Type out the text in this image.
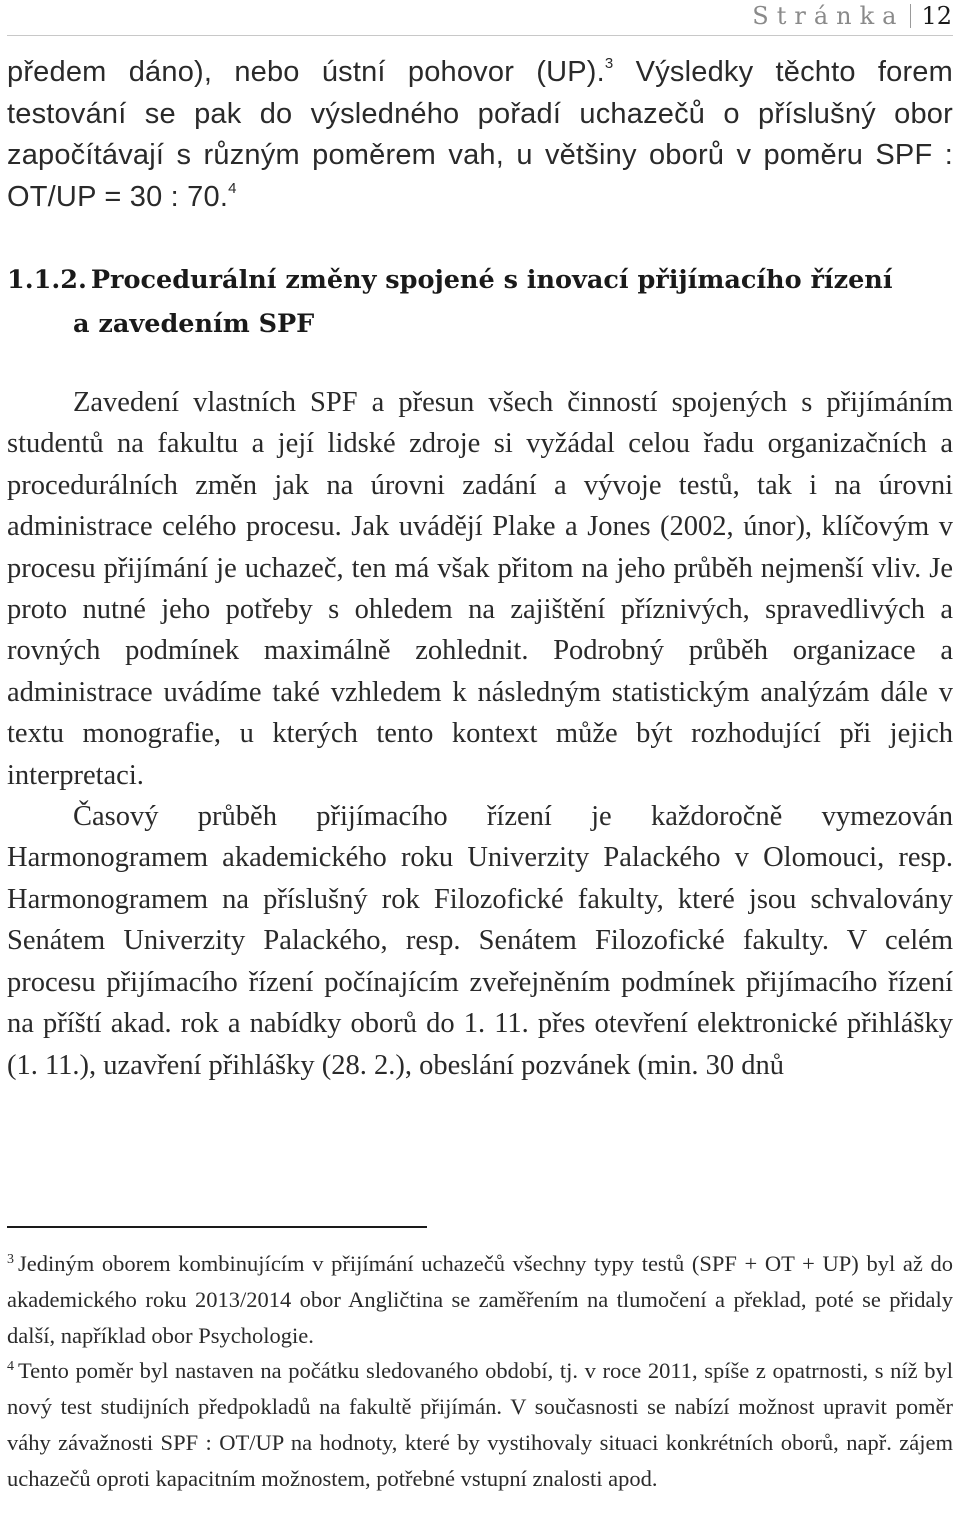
Stránka 12
předem dáno), nebo ústní pohovor (UP).$^3$ Výsledky těchto forem testování se pak do výsledného pořadí uchazečů o příslušný obor započítávají s různým poměrem vah, u většiny oborů v poměru SPF : OT/UP = 30 : 70.$^4$
1.1.2. Procedurální změny spojené s inovací přijímacího řízení
a zavedením SPF

Zavedení vlastních SPF a přesun všech činností spojených s přijímáním studentů na fakultu a její lidské zdroje si vyžádal celou řadu organizačních a procedurálních změn jak na úrovni zadání a vývoje testů, tak i na úrovni administrace celého procesu. Jak uvádějí Plake a Jones (2002, únor), klíčovým v procesu přijímání je uchazeč, ten má však přitom na jeho průběh nejmenší vliv. Je proto nutné jeho potřeby s ohledem na zajištění příznivých, spravedlivých a rovných podmínek maximálně zohlednit. Podrobný průběh organizace a administrace uvádíme také vzhledem k následným statistickým analýzám dále v textu monografie, u kterých tento kontext může být rozhodující při jejich interpretaci.

Časový průběh přijímacího řízení je každoročně vymezován Harmonogramem akademického roku Univerzity Palackého v Olomouci, resp. Harmonogramem na příslušný rok Filozofické fakulty, které jsou schvalovány Senátem Univerzity Palackého, resp. Senátem Filozofické fakulty. V celém procesu přijímacího řízení počínajícím zveřejněním podmínek přijímacího řízení na příští akad. rok a nabídky oborů do 1. 11. přes otevření elektronické přihlášky (1. 11.), uzavření přihlášky (28. 2.), obeslání pozvánek (min. 30 dnů

$^3$ Jediným oborem kombinujícím v přijímání uchazečů všechny typy testů (SPF + OT + UP) byl až do akademického roku 2013/2014 obor Angličtina se zaměřením na tlumočení a překlad, poté se přidaly další, například obor Psychologie.

$^4$ Tento poměr byl nastaven na počátku sledovaného období, tj. v roce 2011, spíše z opatrnosti, s níž byl nový test studijních předpokladů na fakultě přijímán. V současnosti se nabízí možnost upravit poměr váhy závažnosti SPF : OT/UP na hodnoty, které by vystihovaly situaci konkrétních oborů, např. zájem uchazečů oproti kapacitním možnostem, potřebné vstupní znalosti apod.
